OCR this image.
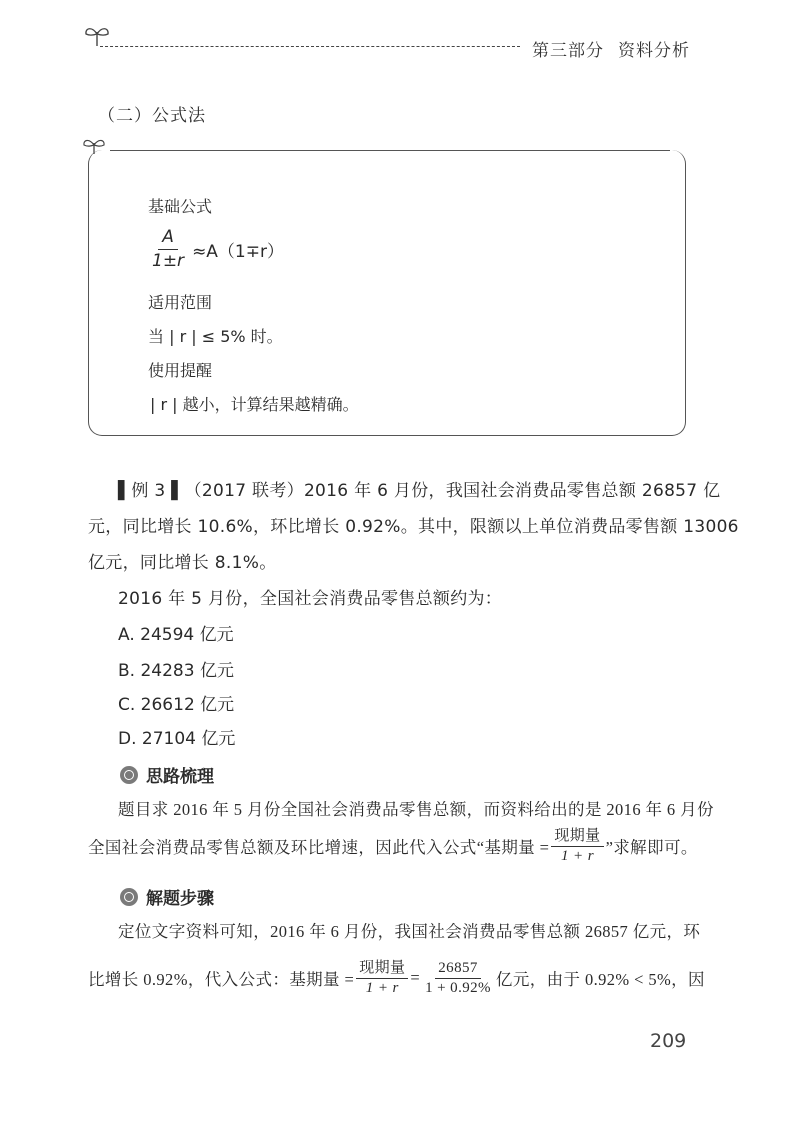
第三部分 资料分析
（二）公式法
基础公式
$\frac{A}{1\pm r} \approx A(1\mp r)$
适用范围
当 | r | ≤ 5% 时。
使用提醒
| r | 越小，计算结果越精确。
▌例 3 ▌（2017 联考）2016 年 6 月份，我国社会消费品零售总额 26857 亿
元，同比增长 10.6%，环比增长 0.92%。其中，限额以上单位消费品零售额 13006
亿元，同比增长 8.1%。
2016 年 5 月份，全国社会消费品零售总额约为：
A. 24594 亿元
B. 24283 亿元
C. 26612 亿元
D. 27104 亿元
思路梳理
题目求 2016 年 5 月份全国社会消费品零售总额，而资料给出的是 2016 年 6 月份
全国社会消费品零售总额及环比增速，因此代入公式“基期量 = $\frac{\text{现期量}}{1 + r}$ ”求解即可。
解题步骤
定位文字资料可知，2016 年 6 月份，我国社会消费品零售总额 26857 亿元，环
比增长 0.92%，代入公式：基期量 = $\frac{\text{现期量}}{1 + r} = \frac{26857}{1 + 0.92\%}$ 亿元，由于 0.92% < 5%，因
209
